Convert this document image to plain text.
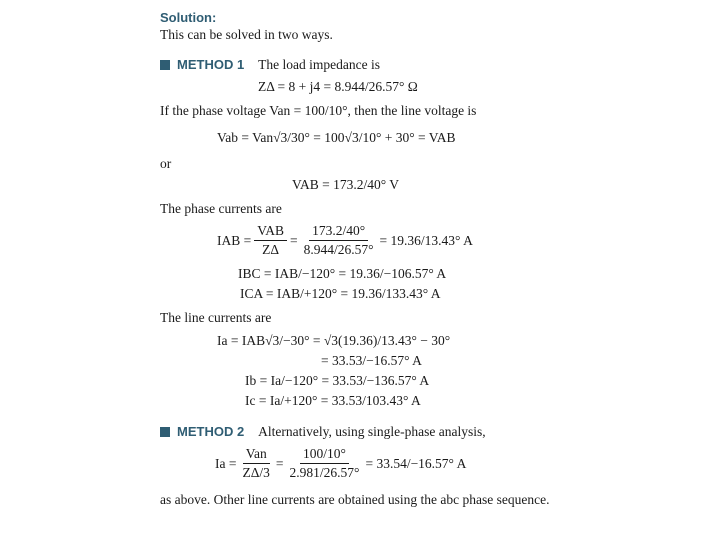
Solution:
This can be solved in two ways.
METHOD 1 The load impedance is
ZΔ = 8 + j4 = 8.944/26.57° Ω
If the phase voltage Van = 100/10°, then the line voltage is
Vab = Van√3/30° = 100√3/10° + 30° = VAB
or
VAB = 173.2/40° V
The phase currents are
IAB = $\frac{\text{VAB}}{Z\Delta} = \frac{173.2/40^\circ}{8.944/26.57^\circ} = 19.36/13.43^\circ$ A
IBC = IAB/−120° = 19.36/−106.57° A
ICA = IAB/+120° = 19.36/133.43° A
The line currents are
Ia = IAB√3/−30° = √3(19.36)/13.43° − 30°
= 33.53/−16.57° A
Ib = Ia/−120° = 33.53/−136.57° A
Ic = Ia/+120° = 33.53/103.43° A
METHOD 2 Alternatively, using single-phase analysis,
$Ia = \frac{\text{Van}}{Z\Delta/3} = \frac{100/10^\circ}{2.981/26.57^\circ} = 33.54/-16.57^\circ$ A
as above. Other line currents are obtained using the abc phase sequence.
